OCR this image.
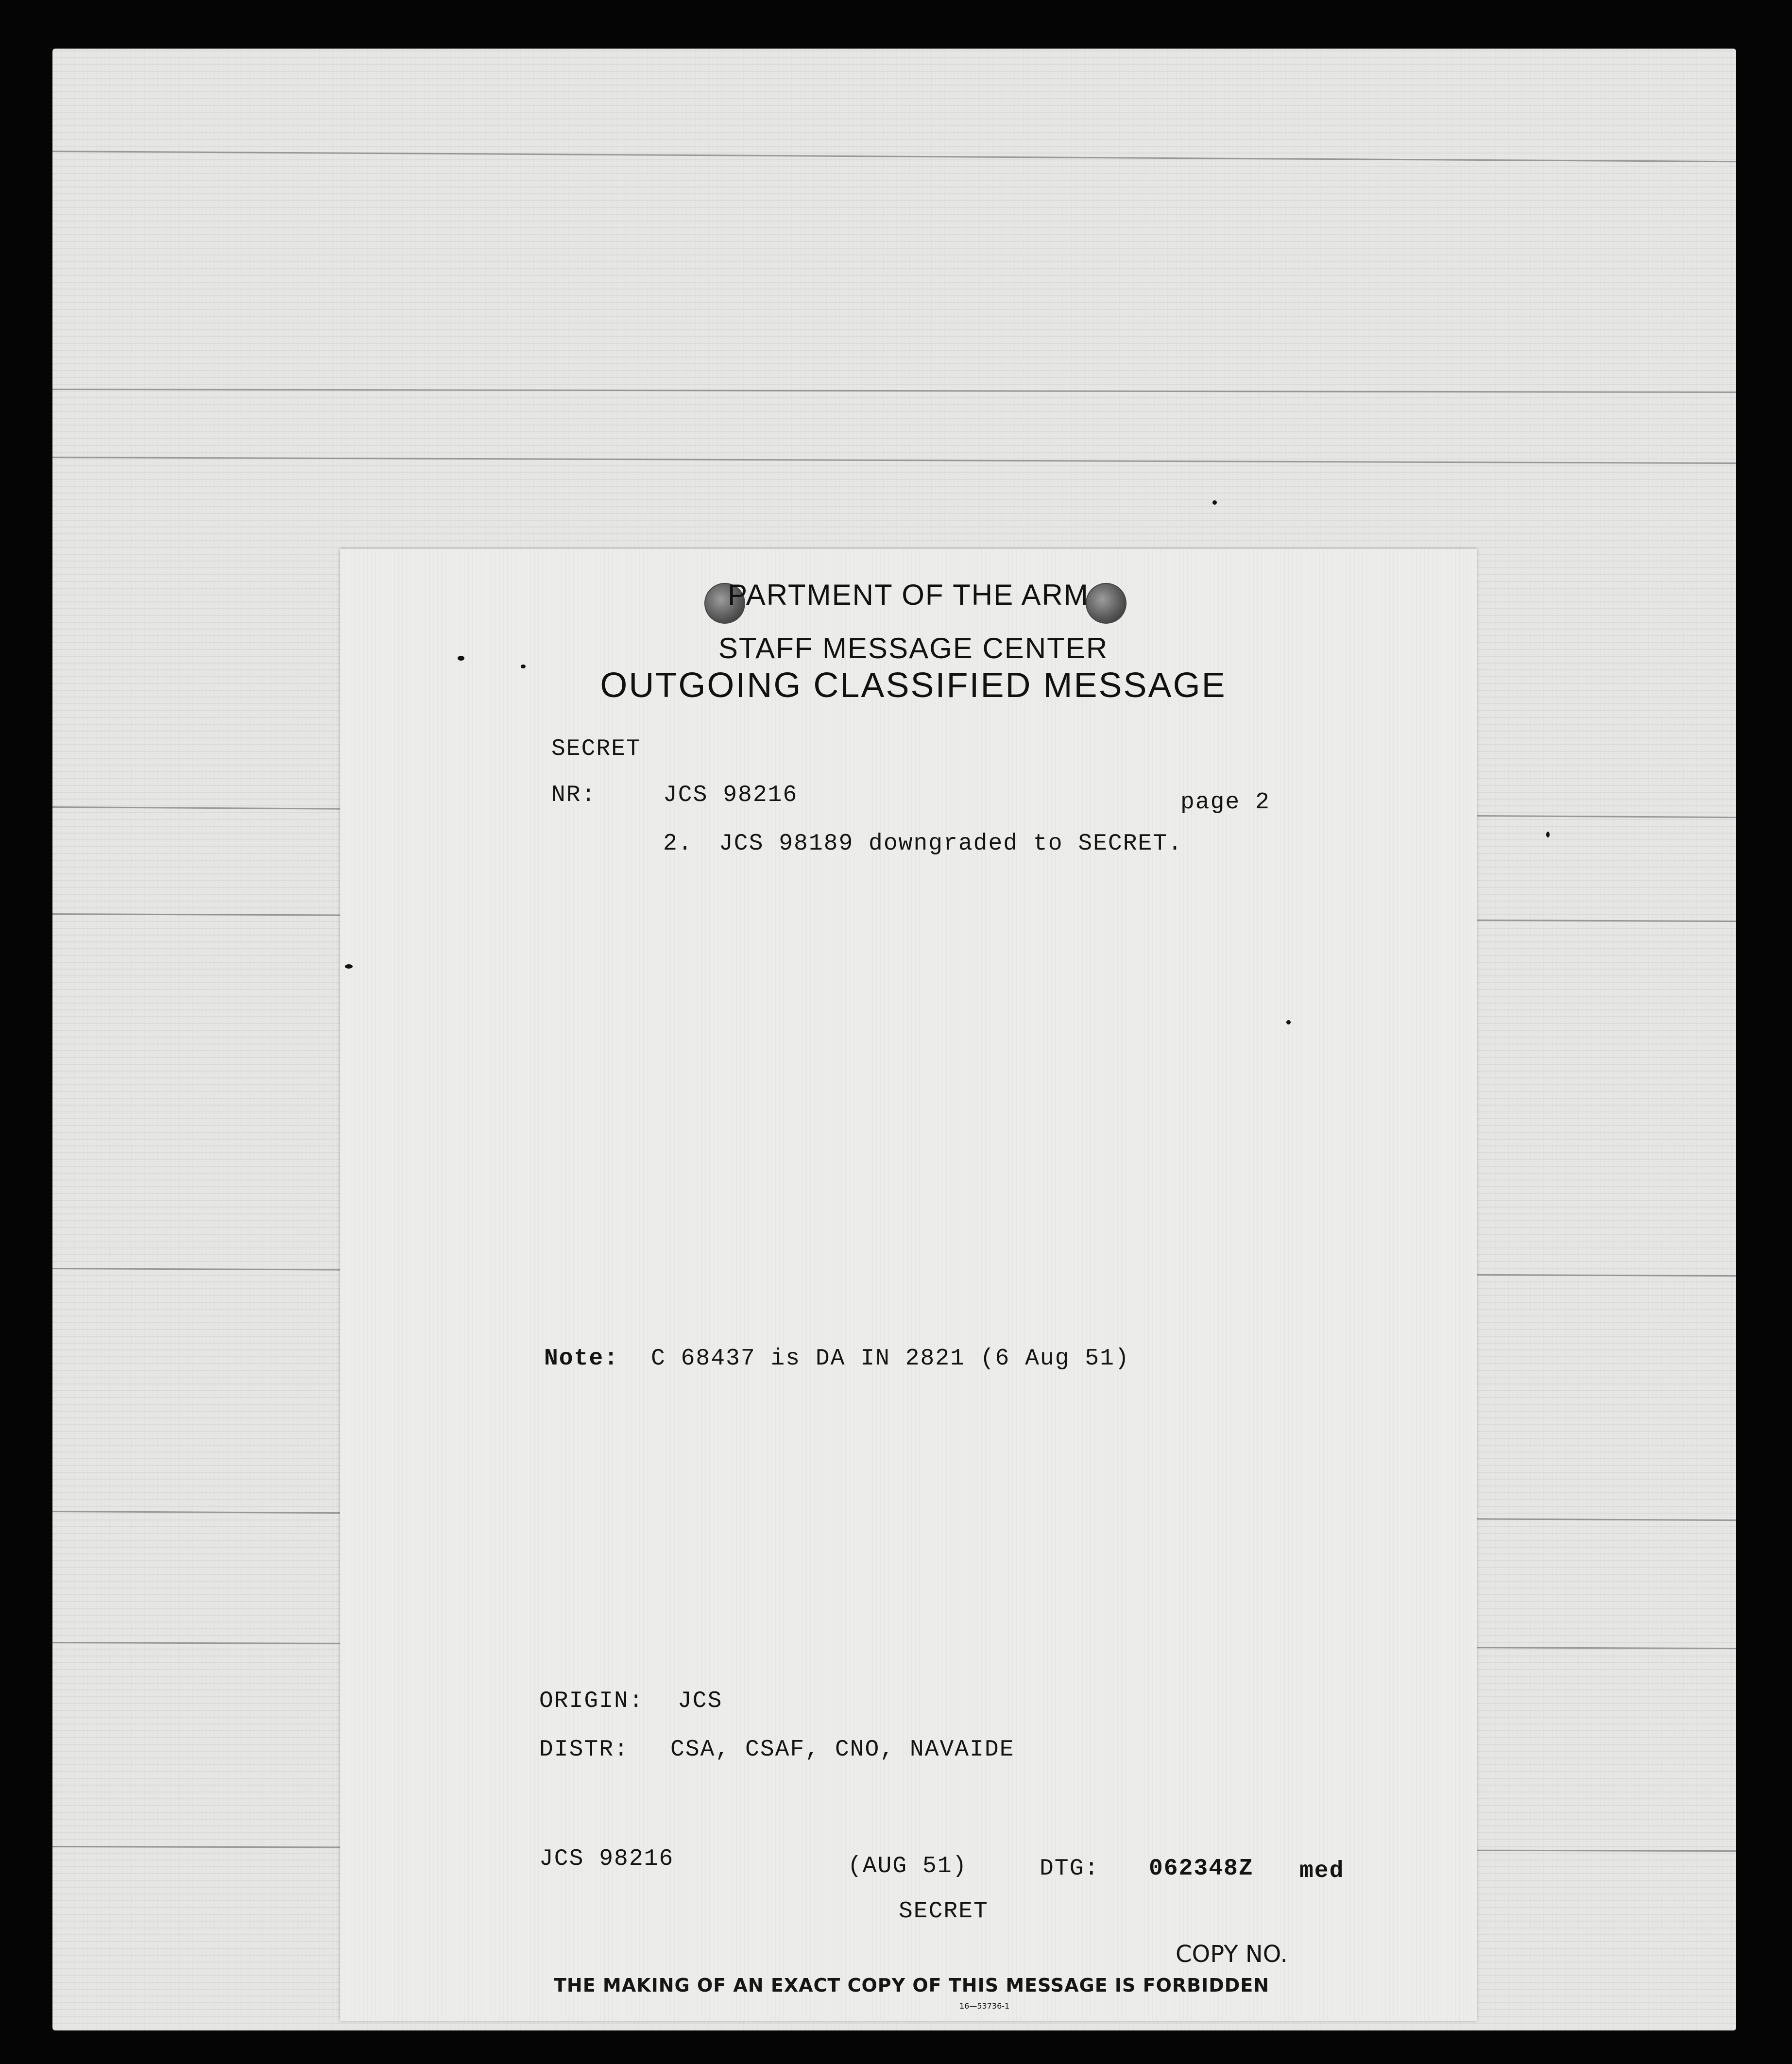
PARTMENT OF THE ARM
STAFF MESSAGE CENTER
OUTGOING CLASSIFIED MESSAGE
SECRET
NR:	JCS 98216	page 2
2. JCS 98189 downgraded to SECRET.
Note: C 68437 is DA IN 2821 (6 Aug 51)
ORIGIN: JCS
DISTR: CSA, CSAF, CNO, NAVAIDE
JCS 98216	(AUG 51)	DTG: 062348Z med
SECRET
COPY NO.
THE MAKING OF AN EXACT COPY OF THIS MESSAGE IS FORBIDDEN
16—53736-1
